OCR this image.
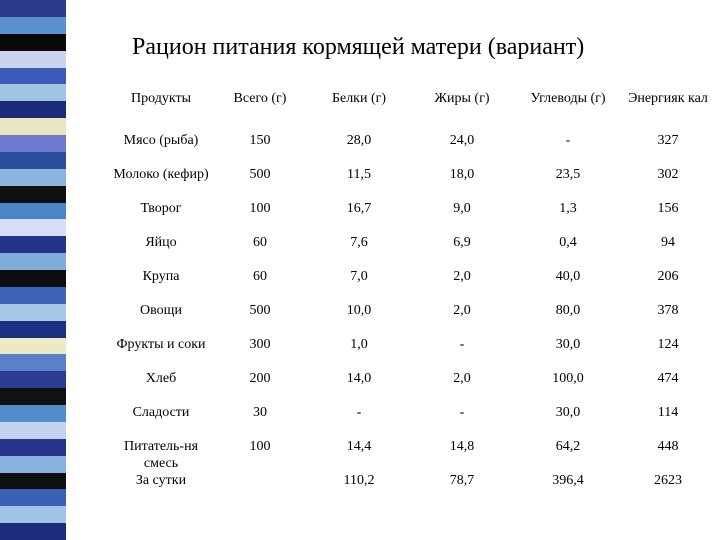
Рацион питания кормящей матери (вариант)
Продукты	Всего (г)	Белки (г)	Жиры (г)	Углеводы (г)	Энергияк кал
Мясо (рыба)	150	28,0	24,0	-	327
Молоко (кефир)	500	11,5	18,0	23,5	302
Творог	100	16,7	9,0	1,3	156
Яйцо	60	7,6	6,9	0,4	94
Крупа	60	7,0	2,0	40,0	206
Овощи	500	10,0	2,0	80,0	378
Фрукты и соки	300	1,0	-	30,0	124
Хлеб	200	14,0	2,0	100,0	474
Сладости	30	-	-	30,0	114
Питатель-ня смесь	100	14,4	14,8	64,2	448
За сутки		110,2	78,7	396,4	2623
